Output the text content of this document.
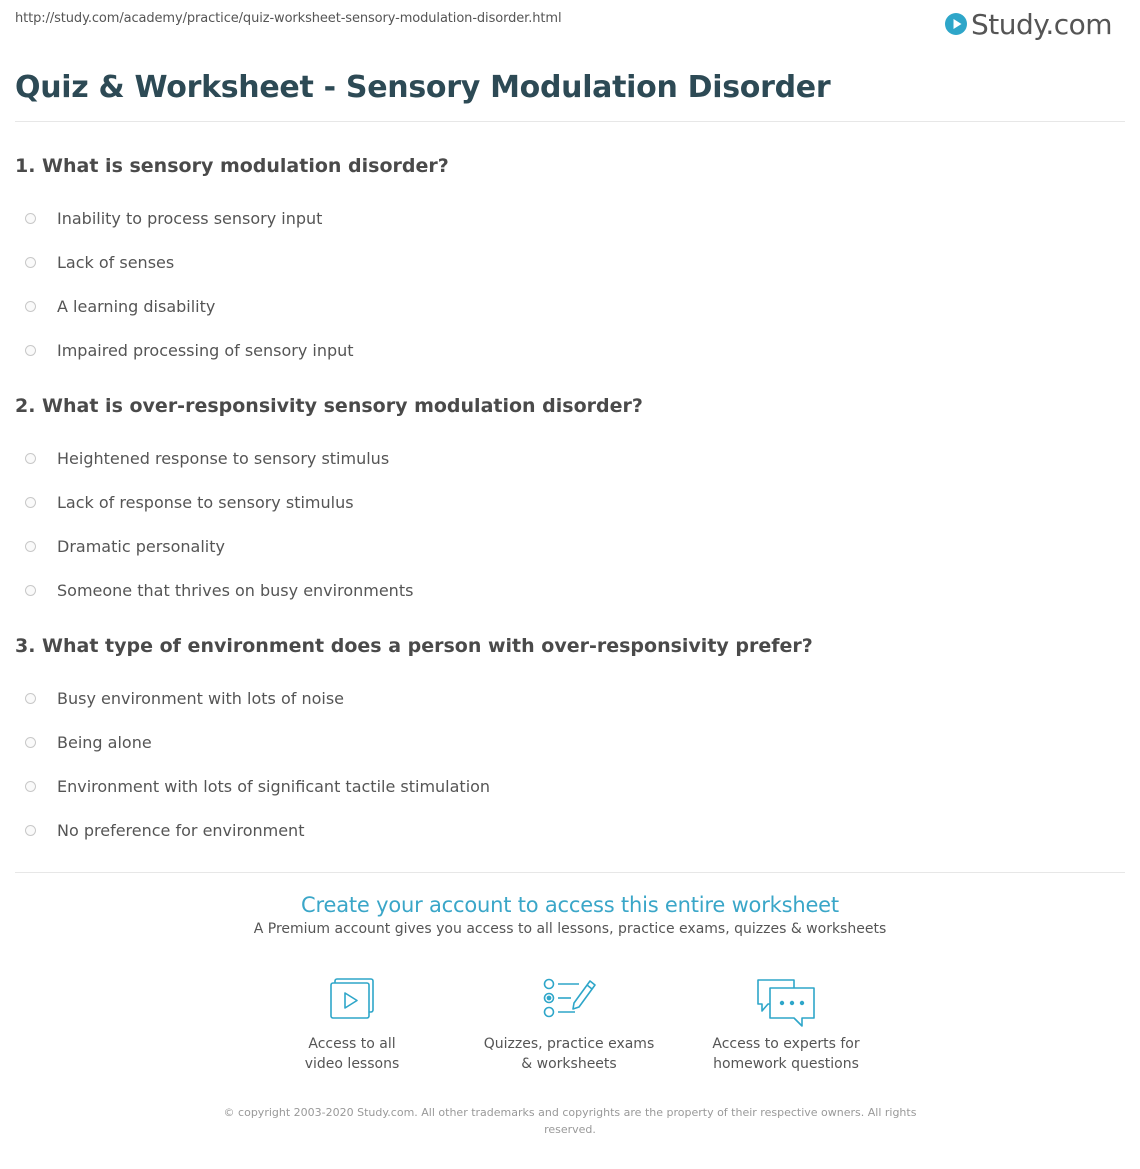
http://study.com/academy/practice/quiz-worksheet-sensory-modulation-disorder.html	Study.com
Quiz & Worksheet - Sensory Modulation Disorder
1. What is sensory modulation disorder?
Inability to process sensory input
Lack of senses
A learning disability
Impaired processing of sensory input
2. What is over-responsivity sensory modulation disorder?
Heightened response to sensory stimulus
Lack of response to sensory stimulus
Dramatic personality
Someone that thrives on busy environments
3. What type of environment does a person with over-responsivity prefer?
Busy environment with lots of noise
Being alone
Environment with lots of significant tactile stimulation
No preference for environment
Create your account to access this entire worksheet
A Premium account gives you access to all lessons, practice exams, quizzes & worksheets
Access to all
video lessons
Quizzes, practice exams
& worksheets
Access to experts for
homework questions
© copyright 2003-2020 Study.com. All other trademarks and copyrights are the property of their respective owners. All rights
reserved.
